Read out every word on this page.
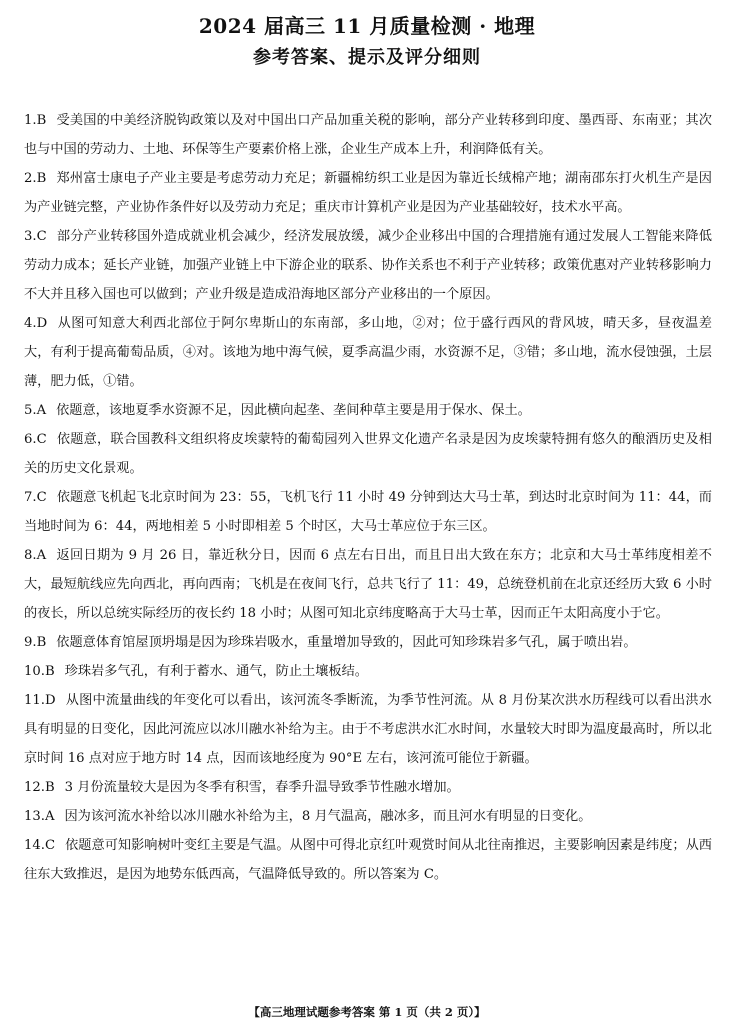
2024 届高三 11 月质量检测 · 地理
参考答案、提示及评分细则

1.B 受美国的中美经济脱钩政策以及对中国出口产品加重关税的影响，部分产业转移到印度、墨西哥、东南亚；其次也与中国的劳动力、土地、环保等生产要素价格上涨，企业生产成本上升，利润降低有关。

2.B 郑州富士康电子产业主要是考虑劳动力充足；新疆棉纺织工业是因为靠近长绒棉产地；湖南邵东打火机生产是因为产业链完整，产业协作条件好以及劳动力充足；重庆市计算机产业是因为产业基础较好，技术水平高。

3.C 部分产业转移国外造成就业机会减少，经济发展放缓，减少企业移出中国的合理措施有通过发展人工智能来降低劳动力成本；延长产业链，加强产业链上中下游企业的联系、协作关系也不利于产业转移；政策优惠对产业转移影响力不大并且移入国也可以做到；产业升级是造成沿海地区部分产业移出的一个原因。

4.D 从图可知意大利西北部位于阿尔卑斯山的东南部，多山地，②对；位于盛行西风的背风坡，晴天多，昼夜温差大，有利于提高葡萄品质，④对。该地为地中海气候，夏季高温少雨，水资源不足，③错；多山地，流水侵蚀强，土层薄，肥力低，①错。

5.A 依题意，该地夏季水资源不足，因此横向起垄、垄间种草主要是用于保水、保土。

6.C 依题意，联合国教科文组织将皮埃蒙特的葡萄园列入世界文化遗产名录是因为皮埃蒙特拥有悠久的酿酒历史及相关的历史文化景观。

7.C 依题意飞机起飞北京时间为 23：55，飞机飞行 11 小时 49 分钟到达大马士革，到达时北京时间为 11：44，而当地时间为 6：44，两地相差 5 小时即相差 5 个时区，大马士革应位于东三区。

8.A 返回日期为 9 月 26 日，靠近秋分日，因而 6 点左右日出，而且日出大致在东方；北京和大马士革纬度相差不大，最短航线应先向西北，再向西南；飞机是在夜间飞行，总共飞行了 11：49，总统登机前在北京还经历大致 6 小时的夜长，所以总统实际经历的夜长约 18 小时；从图可知北京纬度略高于大马士革，因而正午太阳高度小于它。

9.B 依题意体育馆屋顶坍塌是因为珍珠岩吸水，重量增加导致的，因此可知珍珠岩多气孔，属于喷出岩。

10.B 珍珠岩多气孔，有利于蓄水、通气，防止土壤板结。

11.D 从图中流量曲线的年变化可以看出，该河流冬季断流，为季节性河流。从 8 月份某次洪水历程线可以看出洪水具有明显的日变化，因此河流应以冰川融水补给为主。由于不考虑洪水汇水时间，水量较大时即为温度最高时，所以北京时间 16 点对应于地方时 14 点，因而该地经度为 90°E 左右，该河流可能位于新疆。

12.B 3 月份流量较大是因为冬季有积雪，春季升温导致季节性融水增加。

13.A 因为该河流水补给以冰川融水补给为主，8 月气温高，融冰多，而且河水有明显的日变化。

14.C 依题意可知影响树叶变红主要是气温。从图中可得北京红叶观赏时间从北往南推迟，主要影响因素是纬度；从西往东大致推迟，是因为地势东低西高，气温降低导致的。所以答案为 C。

【高三地理试题参考答案 第 1 页（共 2 页）】
